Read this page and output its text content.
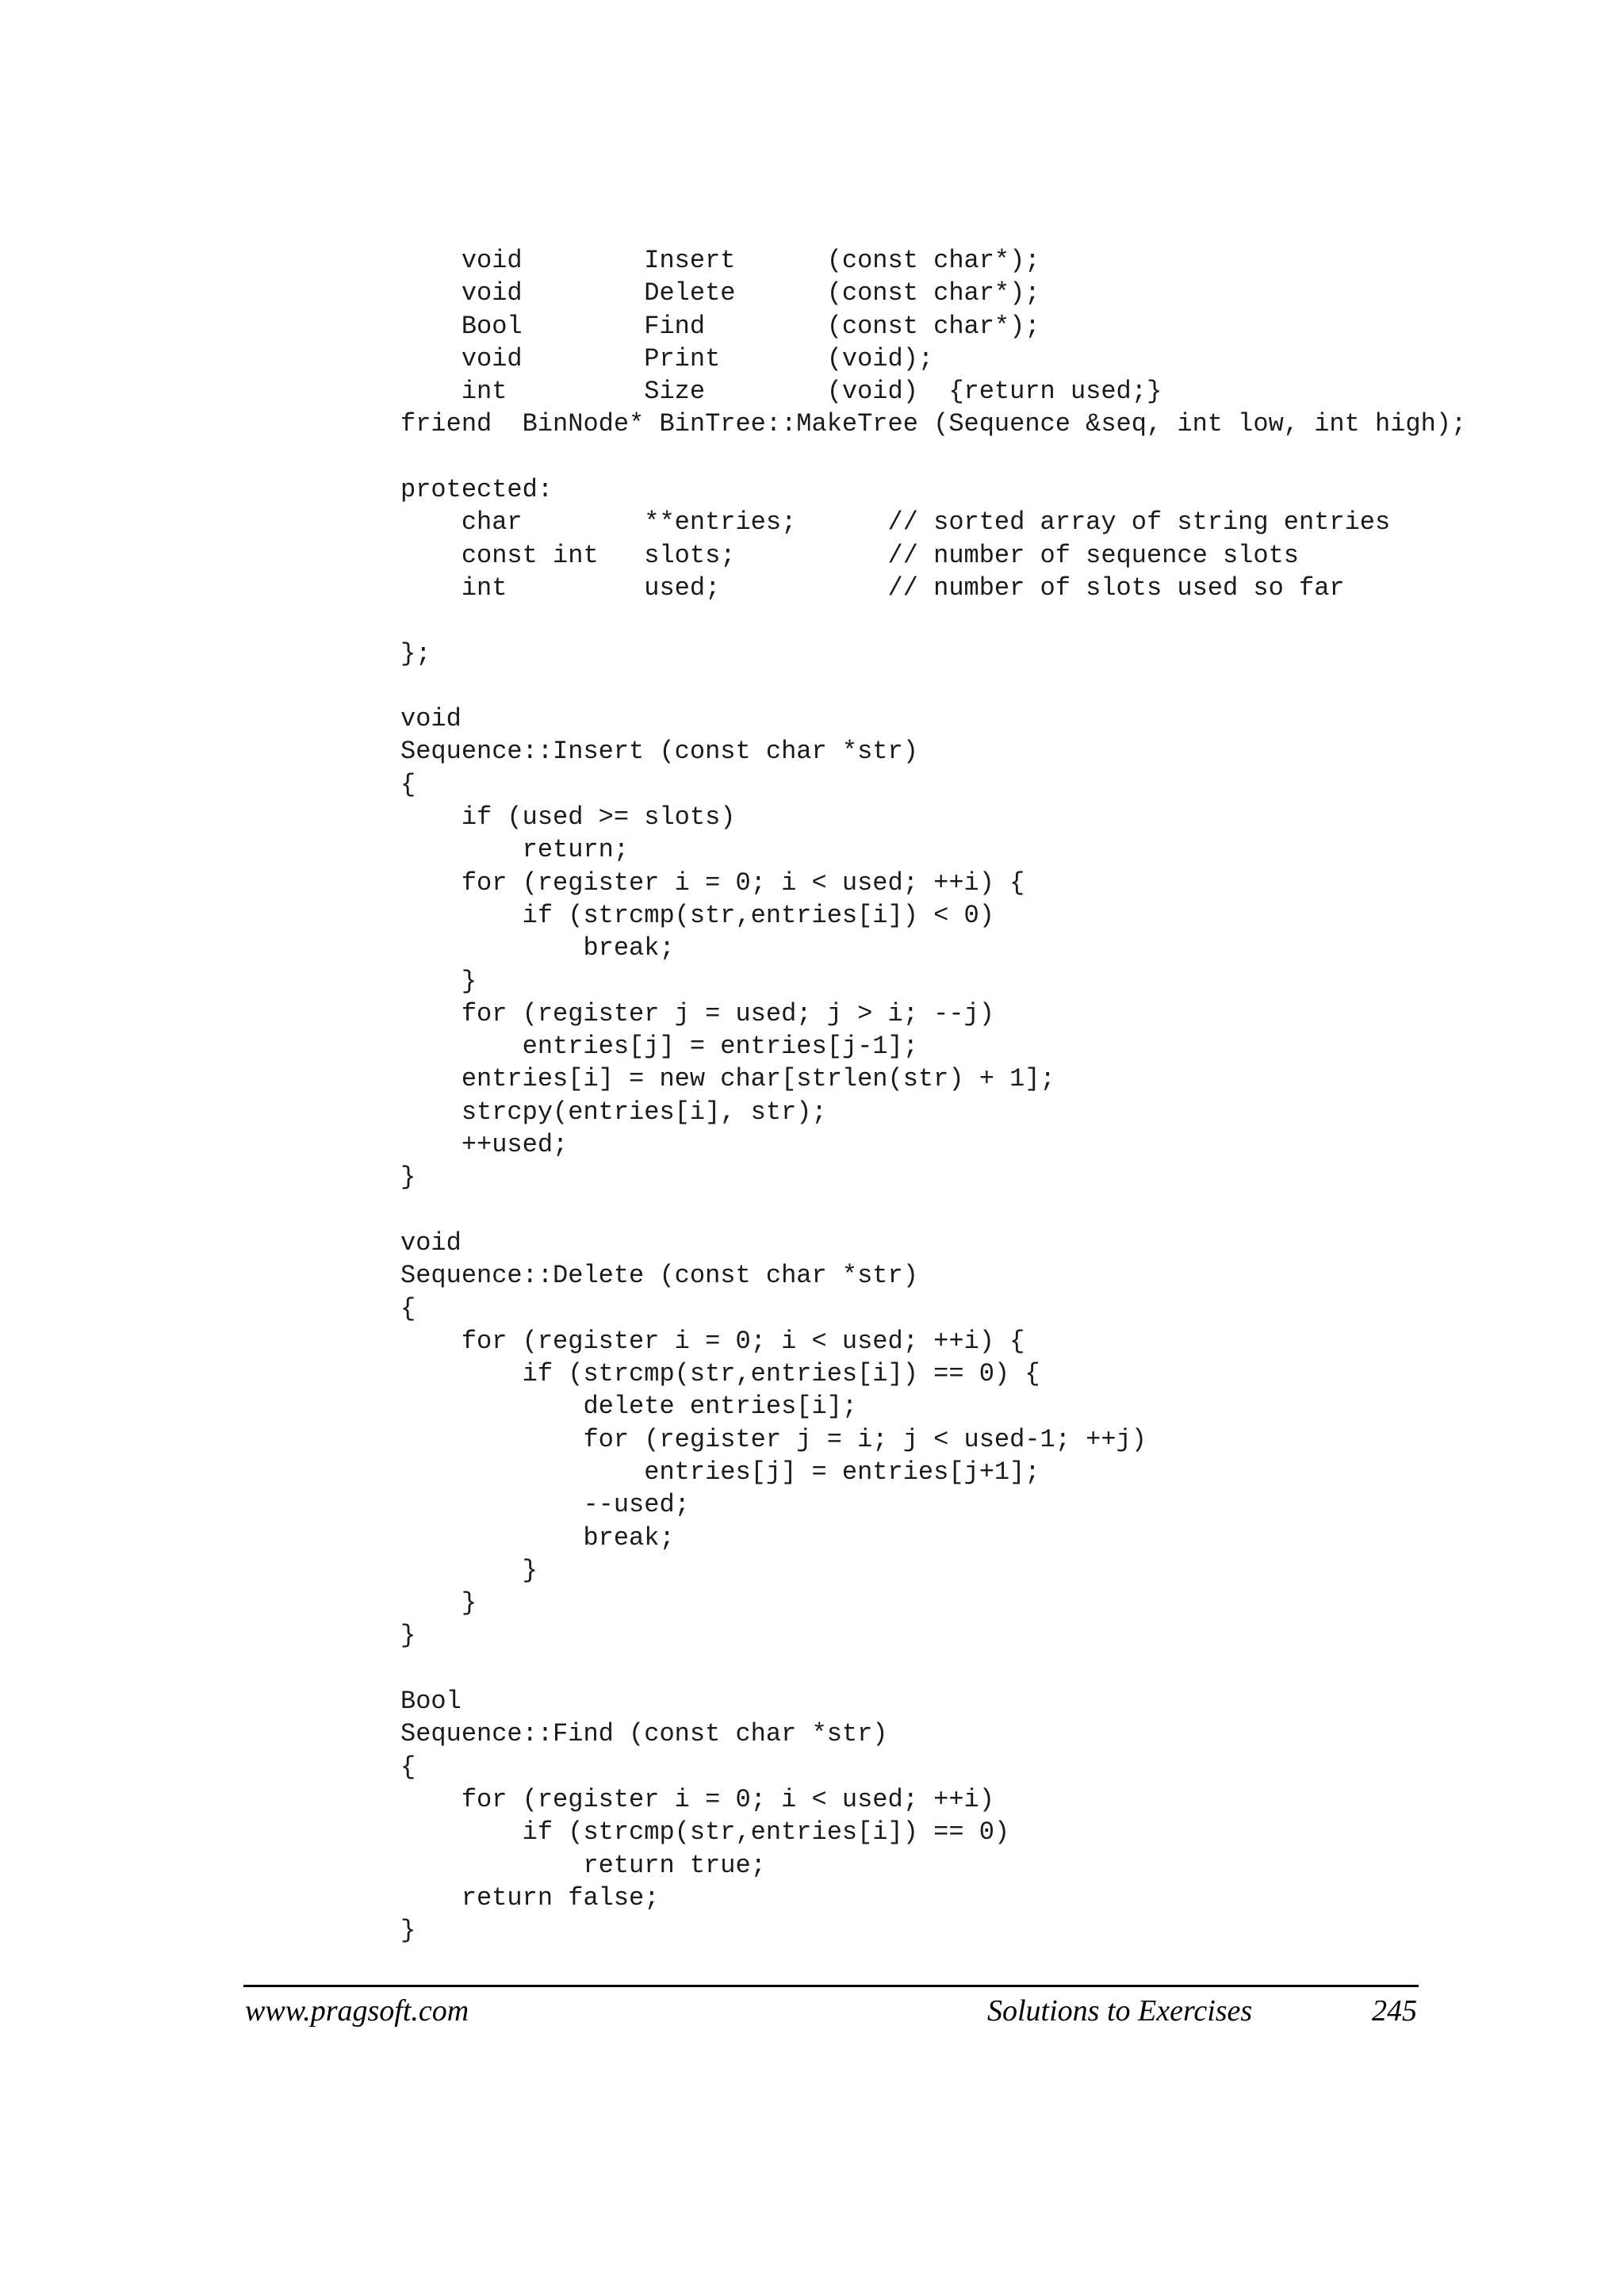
void        Insert      (const char*);
void        Delete      (const char*);
Bool        Find        (const char*);
void        Print       (void);
int         Size        (void)  {return used;}
friend  BinNode* BinTree::MakeTree (Sequence &seq, int low, int high);
protected:
char        **entries;      // sorted array of string entries
const int   slots;          // number of sequence slots
int         used;           // number of slots used so far
};
void
Sequence::Insert (const char *str)
{
if (used >= slots)
return;
for (register i = 0; i < used; ++i) {
if (strcmp(str,entries[i]) < 0)
break;
}
for (register j = used; j > i; --j)
entries[j] = entries[j-1];
entries[i] = new char[strlen(str) + 1];
strcpy(entries[i], str);
++used;
}
void
Sequence::Delete (const char *str)
{
for (register i = 0; i < used; ++i) {
if (strcmp(str,entries[i]) == 0) {
delete entries[i];
for (register j = i; j < used-1; ++j)
entries[j] = entries[j+1];
--used;
break;
}
}
}
Bool
Sequence::Find (const char *str)
{
for (register i = 0; i < used; ++i)
if (strcmp(str,entries[i]) == 0)
return true;
return false;
}
www.pragsoft.com	Solutions to Exercises	245
